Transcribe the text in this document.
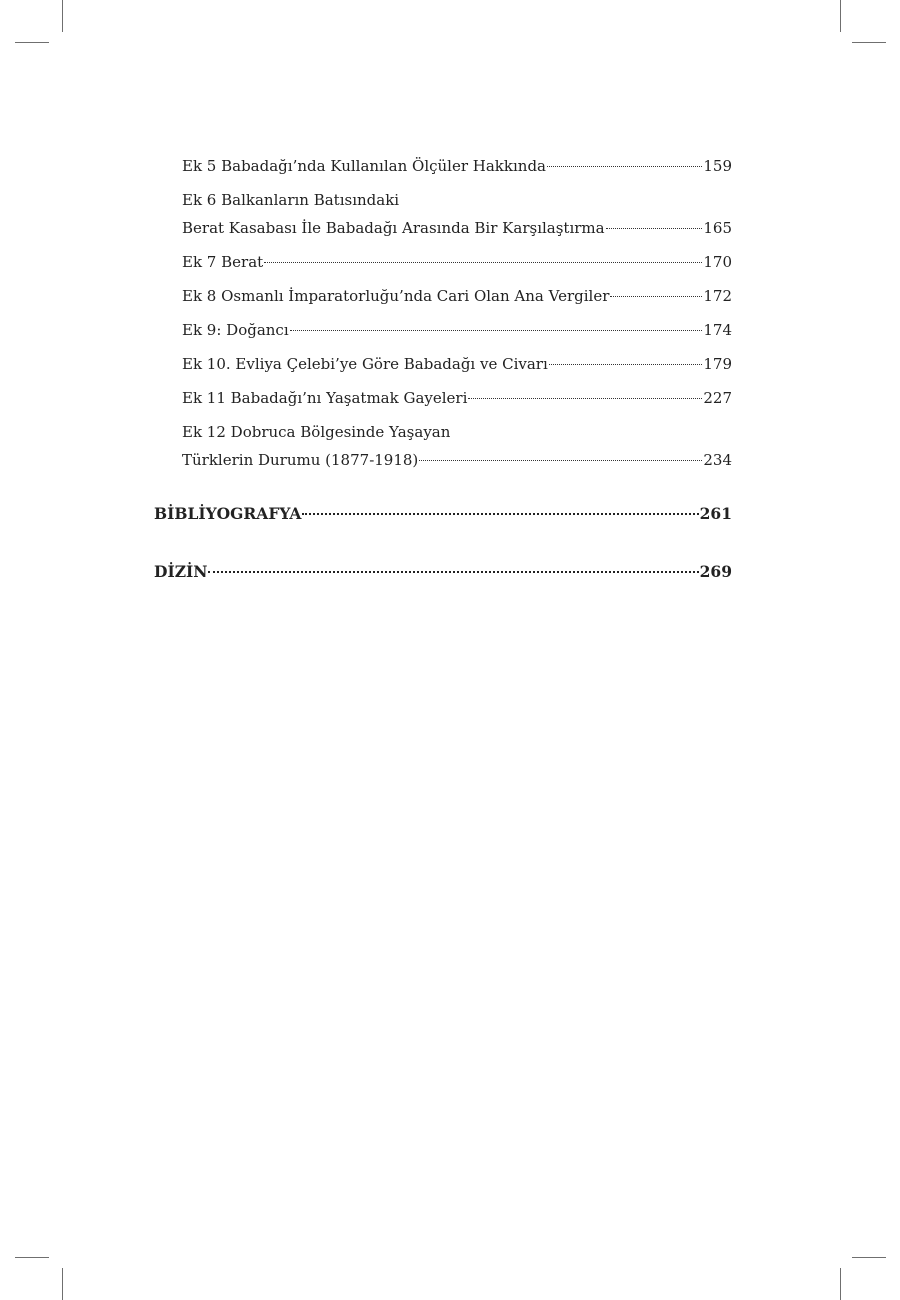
Ek 5 Babadağı’nda Kullanılan Ölçüler Hakkında	159
Ek 6 Balkanların Batısındaki
Berat Kasabası İle Babadağı Arasında Bir Karşılaştırma	165
Ek 7 Berat	170
Ek 8 Osmanlı İmparatorluğu’nda Cari Olan Ana Vergiler	172
Ek 9: Doğancı	174
Ek 10. Evliya Çelebi’ye Göre Babadağı ve Civarı	179
Ek 11 Babadağı’nı Yaşatmak Gayeleri	227
Ek 12 Dobruca Bölgesinde Yaşayan
Türklerin Durumu (1877-1918)	234
BİBLİYOGRAFYA	261
DİZİN	269
